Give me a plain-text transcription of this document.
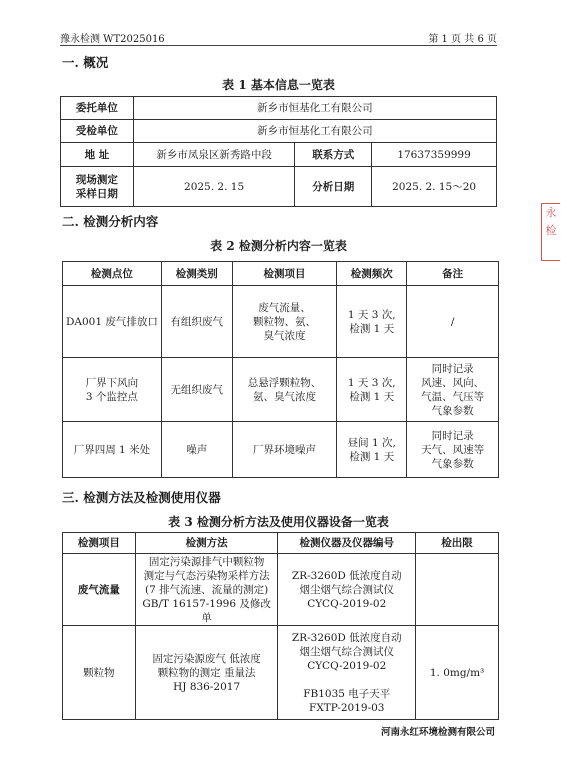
豫永检测 WT2025016	第 1 页 共 6 页
一. 概况
表 1 基本信息一览表
委托单位	新乡市恒基化工有限公司		
受检单位	新乡市恒基化工有限公司		
地 址	新乡市凤泉区新秀路中段	联系方式	17637359999
现场测定
采样日期	2025. 2. 15	分析日期	2025. 2. 15～20
二. 检测分析内容
表 2 检测分析内容一览表
检测点位	检测类别	检测项目	检测频次	备注
DA001 废气排放口	有组织废气	废气流量、
颗粒物、氨、
臭气浓度	1 天 3 次,
检测 1 天	/
厂界下风向
3 个监控点	无组织废气	总悬浮颗粒物、
氨、臭气浓度	1 天 3 次,
检测 1 天	同时记录
风速、风向、
气温、气压等
气象参数
厂界四周 1 米处	噪声	厂界环境噪声	昼间 1 次,
检测 1 天	同时记录
天气、风速等
气象参数
三. 检测方法及检测使用仪器
表 3 检测分析方法及使用仪器设备一览表
检测项目	检测方法	检测仪器及仪器编号	检出限
废气流量	固定污染源排气中颗粒物
测定与气态污染物采样方法
(7 排气流速、流量的测定)
GB/T 16157-1996 及修改单	ZR-3260D 低浓度自动
烟尘烟气综合测试仪
CYCQ-2019-02	
颗粒物	固定污染源废气 低浓度
颗粒物的测定 重量法
HJ 836-2017	ZR-3260D 低浓度自动
烟尘烟气综合测试仪
CYCQ-2019-02

FB1035 电子天平
FXTP-2019-03	1. 0mg/m³
永检
河南永红环境检测有限公司
